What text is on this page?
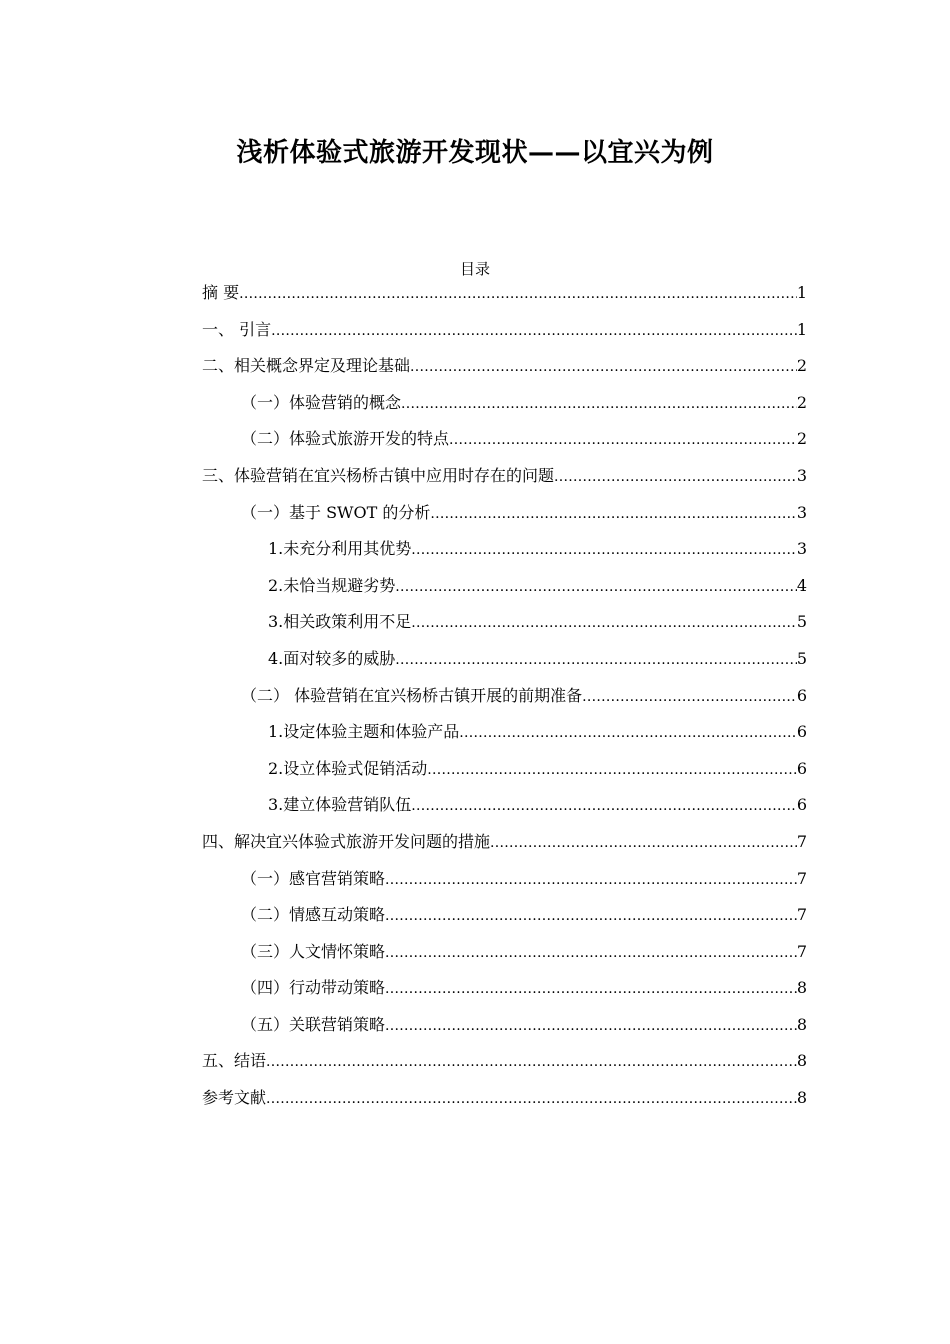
浅析体验式旅游开发现状——以宜兴为例
目录
摘 要 .....	1
一、 引言 .....	1
二、相关概念界定及理论基础 .....	2
（一）体验营销的概念 .....	2
（二）体验式旅游开发的特点 .....	2
三、体验营销在宜兴杨桥古镇中应用时存在的问题 .....	3
（一）基于 SWOT 的分析 .....	3
1.未充分利用其优势 .....	3
2.未恰当规避劣势 .....	4
3.相关政策利用不足 .....	5
4.面对较多的威胁 .....	5
（二） 体验营销在宜兴杨桥古镇开展的前期准备 .....	6
1.设定体验主题和体验产品 .....	6
2.设立体验式促销活动 .....	6
3.建立体验营销队伍 .....	6
四、解决宜兴体验式旅游开发问题的措施 .....	7
（一）感官营销策略 .....	7
（二）情感互动策略 .....	7
（三）人文情怀策略 .....	7
（四）行动带动策略 .....	8
（五）关联营销策略 .....	8
五、结语 .....	8
参考文献 .....	8
